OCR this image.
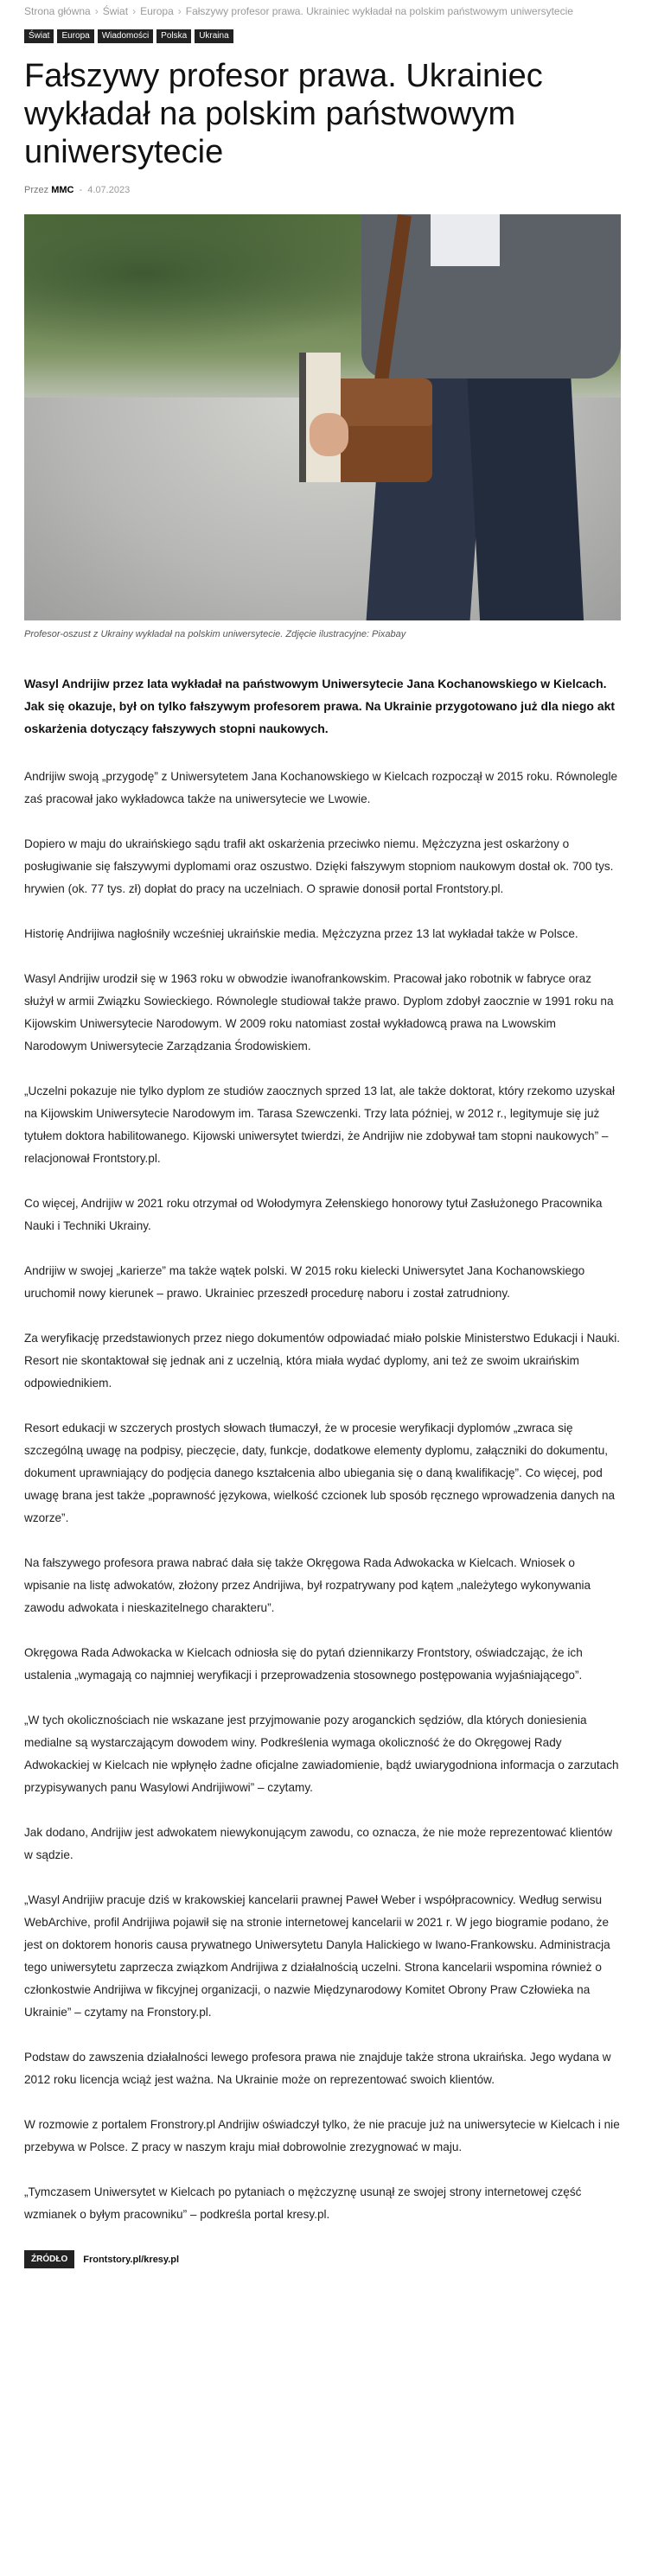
Strona główna › Świat › Europa › Fałszywy profesor prawa. Ukrainiec wykładał na polskim państwowym uniwersytecie
Świat	Europa	Wiadomości	Polska	Ukraina
Fałszywy profesor prawa. Ukrainiec wykładał na polskim państwowym uniwersytecie
Przez MMC - 4.07.2023
Profesor-oszust z Ukrainy wykładał na polskim uniwersytecie. Zdjęcie ilustracyjne: Pixabay

Wasyl Andrijiw przez lata wykładał na państwowym Uniwersytecie Jana Kochanowskiego w Kielcach. Jak się okazuje, był on tylko fałszywym profesorem prawa. Na Ukrainie przygotowano już dla niego akt oskarżenia dotyczący fałszywych stopni naukowych.

Andrijiw swoją „przygodę” z Uniwersytetem Jana Kochanowskiego w Kielcach rozpoczął w 2015 roku. Równolegle zaś pracował jako wykładowca także na uniwersytecie we Lwowie.

Dopiero w maju do ukraińskiego sądu trafił akt oskarżenia przeciwko niemu. Mężczyzna jest oskarżony o posługiwanie się fałszywymi dyplomami oraz oszustwo. Dzięki fałszywym stopniom naukowym dostał ok. 700 tys. hrywien (ok. 77 tys. zł) dopłat do pracy na uczelniach. O sprawie donosił portal Frontstory.pl.

Historię Andrijiwa nagłośniły wcześniej ukraińskie media. Mężczyzna przez 13 lat wykładał także w Polsce.

Wasyl Andrijiw urodził się w 1963 roku w obwodzie iwanofrankowskim. Pracował jako robotnik w fabryce oraz służył w armii Związku Sowieckiego. Równolegle studiował także prawo. Dyplom zdobył zaocznie w 1991 roku na Kijowskim Uniwersytecie Narodowym. W 2009 roku natomiast został wykładowcą prawa na Lwowskim Narodowym Uniwersytecie Zarządzania Środowiskiem.

„Uczelni pokazuje nie tylko dyplom ze studiów zaocznych sprzed 13 lat, ale także doktorat, który rzekomo uzyskał na Kijowskim Uniwersytecie Narodowym im. Tarasa Szewczenki. Trzy lata później, w 2012 r., legitymuje się już tytułem doktora habilitowanego. Kijowski uniwersytet twierdzi, że Andrijiw nie zdobywał tam stopni naukowych” – relacjonował Frontstory.pl.

Co więcej, Andrijiw w 2021 roku otrzymał od Wołodymyra Zełenskiego honorowy tytuł Zasłużonego Pracownika Nauki i Techniki Ukrainy.

Andrijiw w swojej „karierze” ma także wątek polski. W 2015 roku kielecki Uniwersytet Jana Kochanowskiego uruchomił nowy kierunek – prawo. Ukrainiec przeszedł procedurę naboru i został zatrudniony.

Za weryfikację przedstawionych przez niego dokumentów odpowiadać miało polskie Ministerstwo Edukacji i Nauki. Resort nie skontaktował się jednak ani z uczelnią, która miała wydać dyplomy, ani też ze swoim ukraińskim odpowiednikiem.

Resort edukacji w szczerych prostych słowach tłumaczył, że w procesie weryfikacji dyplomów „zwraca się szczególną uwagę na podpisy, pieczęcie, daty, funkcje, dodatkowe elementy dyplomu, załączniki do dokumentu, dokument uprawniający do podjęcia danego kształcenia albo ubiegania się o daną kwalifikację”. Co więcej, pod uwagę brana jest także „poprawność językowa, wielkość czcionek lub sposób ręcznego wprowadzenia danych na wzorze”.

Na fałszywego profesora prawa nabrać dała się także Okręgowa Rada Adwokacka w Kielcach. Wniosek o wpisanie na listę adwokatów, złożony przez Andrijiwa, był rozpatrywany pod kątem „należytego wykonywania zawodu adwokata i nieskazitelnego charakteru”.

Okręgowa Rada Adwokacka w Kielcach odniosła się do pytań dziennikarzy Frontstory, oświadczając, że ich ustalenia „wymagają co najmniej weryfikacji i przeprowadzenia stosownego postępowania wyjaśniającego”.

„W tych okolicznościach nie wskazane jest przyjmowanie pozy aroganckich sędziów, dla których doniesienia medialne są wystarczającym dowodem winy. Podkreślenia wymaga okoliczność że do Okręgowej Rady Adwokackiej w Kielcach nie wpłynęło żadne oficjalne zawiadomienie, bądź uwiarygodniona informacja o zarzutach przypisywanych panu Wasylowi Andrijiwowi” – czytamy.

Jak dodano, Andrijiw jest adwokatem niewykonującym zawodu, co oznacza, że nie może reprezentować klientów w sądzie.

„Wasyl Andrijiw pracuje dziś w krakowskiej kancelarii prawnej Paweł Weber i współpracownicy. Według serwisu WebArchive, profil Andrijiwa pojawił się na stronie internetowej kancelarii w 2021 r. W jego biogramie podano, że jest on doktorem honoris causa prywatnego Uniwersytetu Danyla Halickiego w Iwano-Frankowsku. Administracja tego uniwersytetu zaprzecza związkom Andrijiwa z działalnością uczelni. Strona kancelarii wspomina również o członkostwie Andrijiwa w fikcyjnej organizacji, o nazwie Międzynarodowy Komitet Obrony Praw Człowieka na Ukrainie” – czytamy na Fronstory.pl.

Podstaw do zawszenia działalności lewego profesora prawa nie znajduje także strona ukraińska. Jego wydana w 2012 roku licencja wciąż jest ważna. Na Ukrainie może on reprezentować swoich klientów.

W rozmowie z portalem Fronstrory.pl Andrijiw oświadczył tylko, że nie pracuje już na uniwersytecie w Kielcach i nie przebywa w Polsce. Z pracy w naszym kraju miał dobrowolnie zrezygnować w maju.

„Tymczasem Uniwersytet w Kielcach po pytaniach o mężczyznę usunął ze swojej strony internetowej część wzmianek o byłym pracowniku” – podkreśla portal kresy.pl.

ŹRÓDŁO	Frontstory.pl/kresy.pl
